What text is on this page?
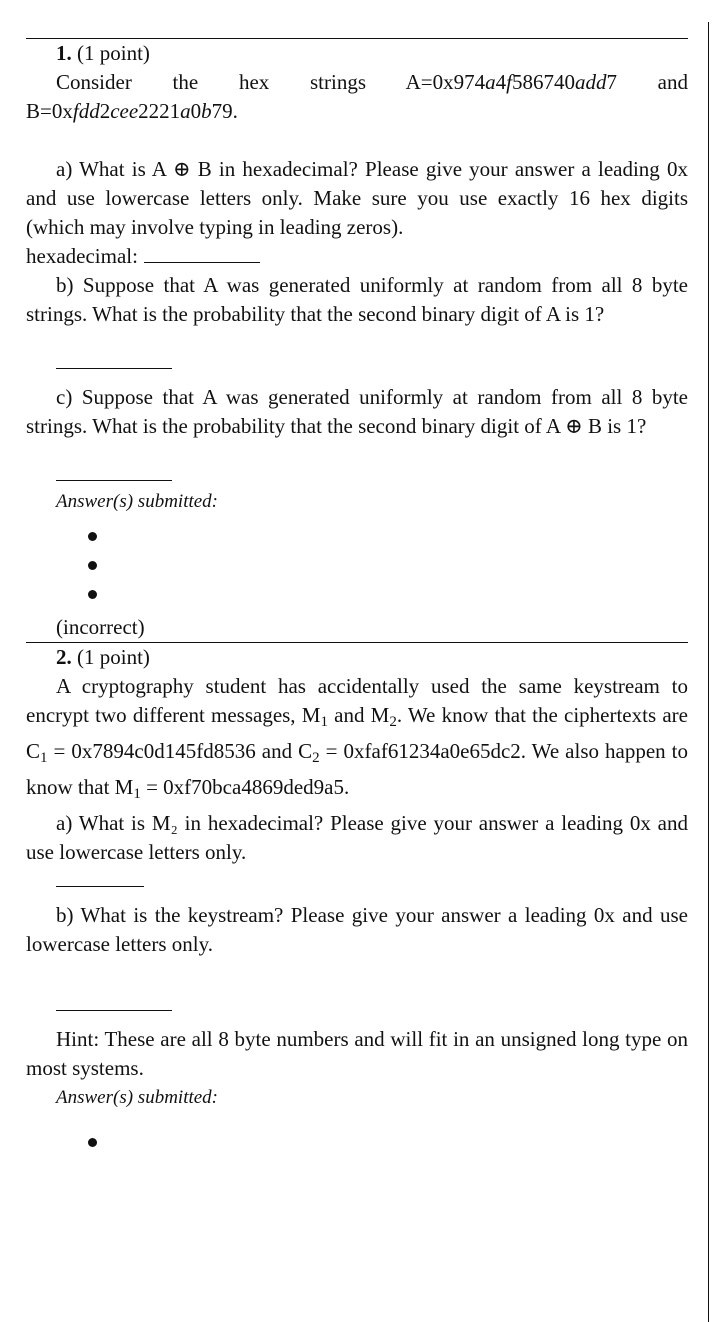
1. (1 point)
Consider the hex strings A=0x974a4f586740add7 and
B=0xfdd2cee2221a0b79.
a) What is A ⊕ B in hexadecimal? Please give your answer a leading 0x and use lowercase letters only. Make sure you use exactly 16 hex digits (which may involve typing in leading zeros).
hexadecimal:
b) Suppose that A was generated uniformly at random from all 8 byte strings. What is the probability that the second binary digit of A is 1?
c) Suppose that A was generated uniformly at random from all 8 byte strings. What is the probability that the second binary digit of A ⊕ B is 1?
Answer(s) submitted:
(incorrect)
2. (1 point)
A cryptography student has accidentally used the same keystream to encrypt two different messages, $M_1$ and $M_2$. We know that the ciphertexts are $C_1 = 0x7894c0d145fd8536$ and $C_2$ = 0xfaf61234a0e65dc2. We also happen to know that $M_1 = 0xf70bca4869ded9a5$.
a) What is M₂ in hexadecimal? Please give your answer a leading 0x and use lowercase letters only.
b) What is the keystream? Please give your answer a leading 0x and use lowercase letters only.
Hint: These are all 8 byte numbers and will fit in an unsigned long type on most systems.
Answer(s) submitted:
